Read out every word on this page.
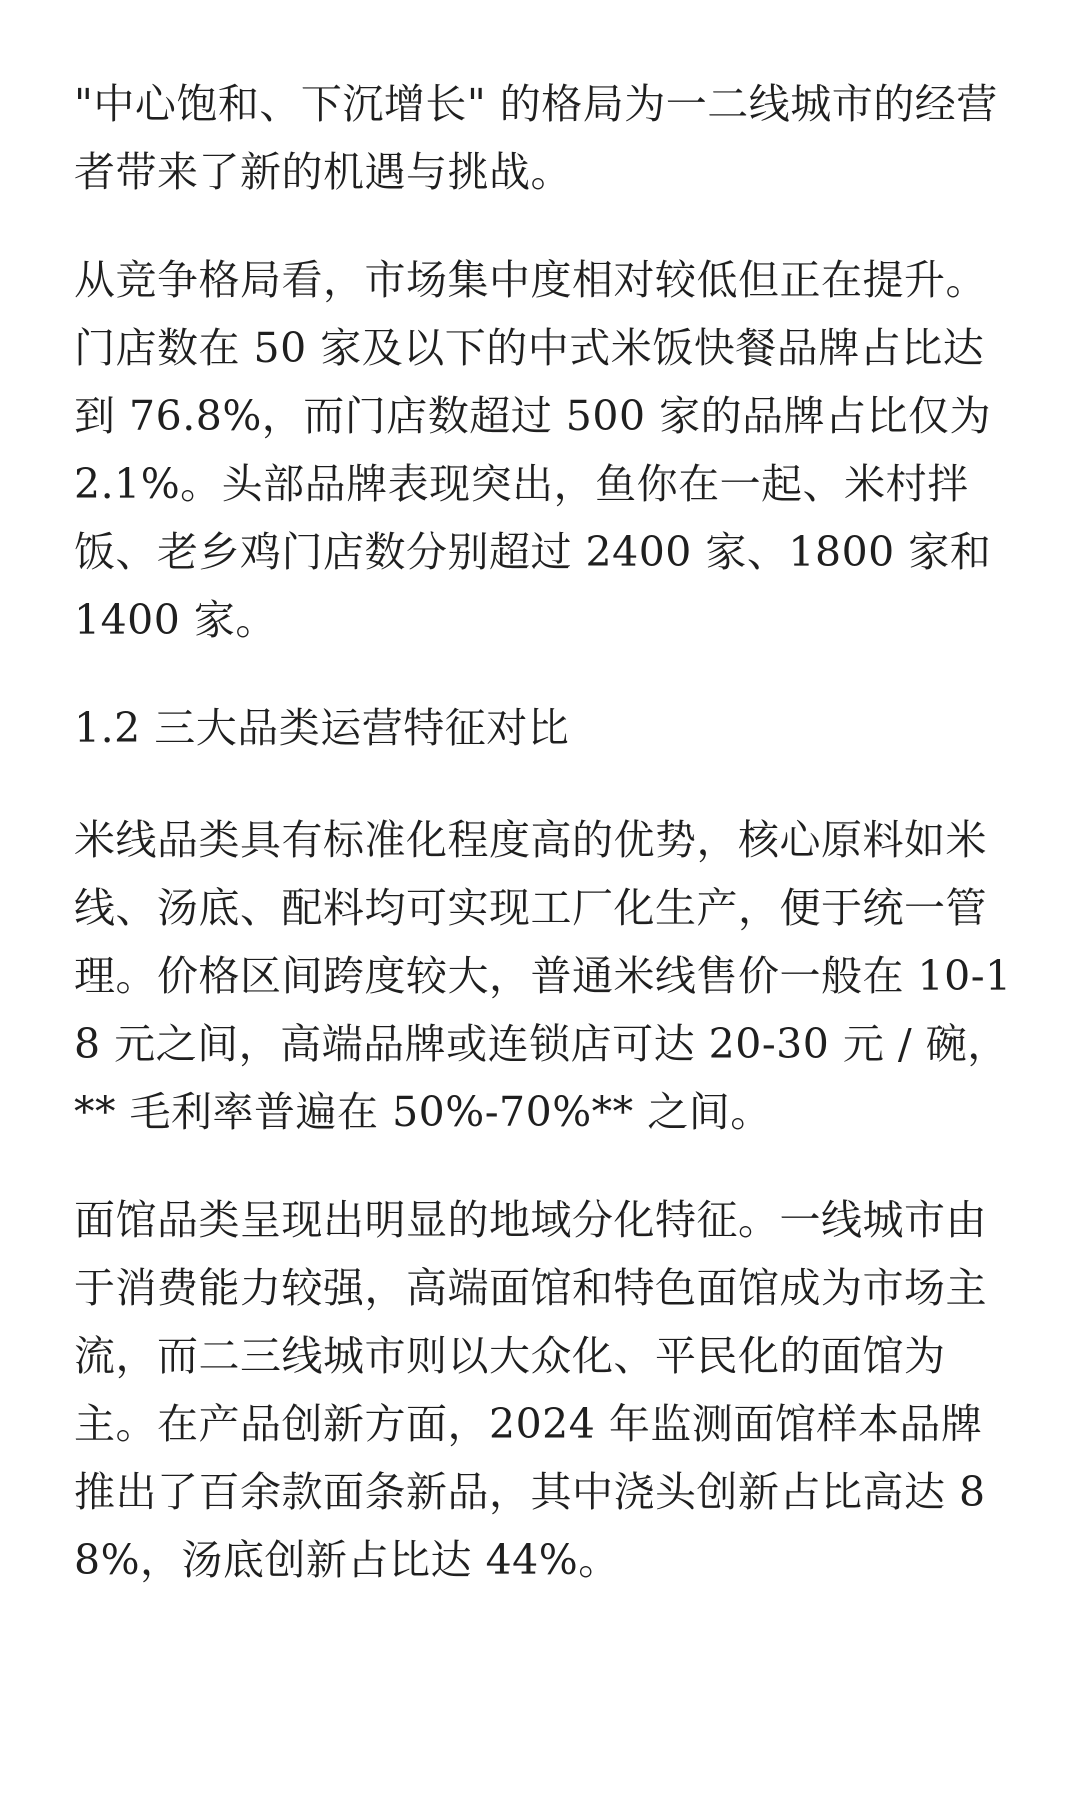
"中心饱和、下沉增长" 的格局为一二线城市的经营者带来了新的机遇与挑战。

从竞争格局看，市场集中度相对较低但正在提升。门店数在 50 家及以下的中式米饭快餐品牌占比达到 76.8%，而门店数超过 500 家的品牌占比仅为 2.1%。头部品牌表现突出，鱼你在一起、米村拌饭、老乡鸡门店数分别超过 2400 家、1800 家和 1400 家。

1.2 三大品类运营特征对比

米线品类具有标准化程度高的优势，核心原料如米线、汤底、配料均可实现工厂化生产，便于统一管理。价格区间跨度较大，普通米线售价一般在 10-18 元之间，高端品牌或连锁店可达 20-30 元 / 碗，** 毛利率普遍在 50%-70%** 之间。

面馆品类呈现出明显的地域分化特征。一线城市由于消费能力较强，高端面馆和特色面馆成为市场主流，而二三线城市则以大众化、平民化的面馆为主。在产品创新方面，2024 年监测面馆样本品牌推出了百余款面条新品，其中浇头创新占比高达 88%，汤底创新占比达 44%。
